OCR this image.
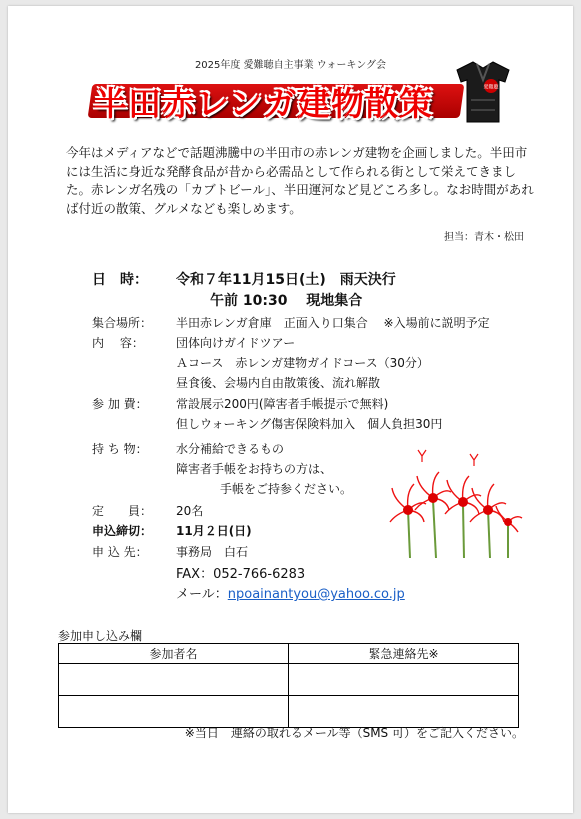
2025年度 愛難聴自主事業 ウォーキング会
半田赤レンガ建物散策	愛難聴
今年はメディアなどで話題沸騰中の半田市の赤レンガ建物を企画しました。半田市には生活に身近な発酵食品が昔から必需品として作られる街として栄えてきました。赤レンガ名残の「カブトビール」、半田運河など見どころ多し。なお時間があれば付近の散策、グルメなども楽しめます。
担当：青木・松田
日　時： 令和７年11月15日(土)　雨天決行
午前 10:30　 現地集合
集合場所： 半田赤レンガ倉庫　正面入り口集合　 ※入場前に説明予定
内　 容：	団体向けガイドツアー
Ａコース　赤レンガ建物ガイドコース（30分）
昼食後、会場内自由散策後、流れ解散
参 加 費： 常設展示200円(障害者手帳提示で無料)
但しウォーキング傷害保険料加入　個人負担30円
持 ち 物： 水分補給できるもの
障害者手帳をお持ちの方は、
手帳をご持参ください。
定　　員： 20名
申込締切： 11月２日(日)
申 込 先： 事務局　白石
FAX：052-766-6283
メール：npoainantyou@yahoo.co.jp
参加申し込み欄
参加者名	緊急連絡先※

※当日　連絡の取れるメール等（SMS 可）をご記入ください。
